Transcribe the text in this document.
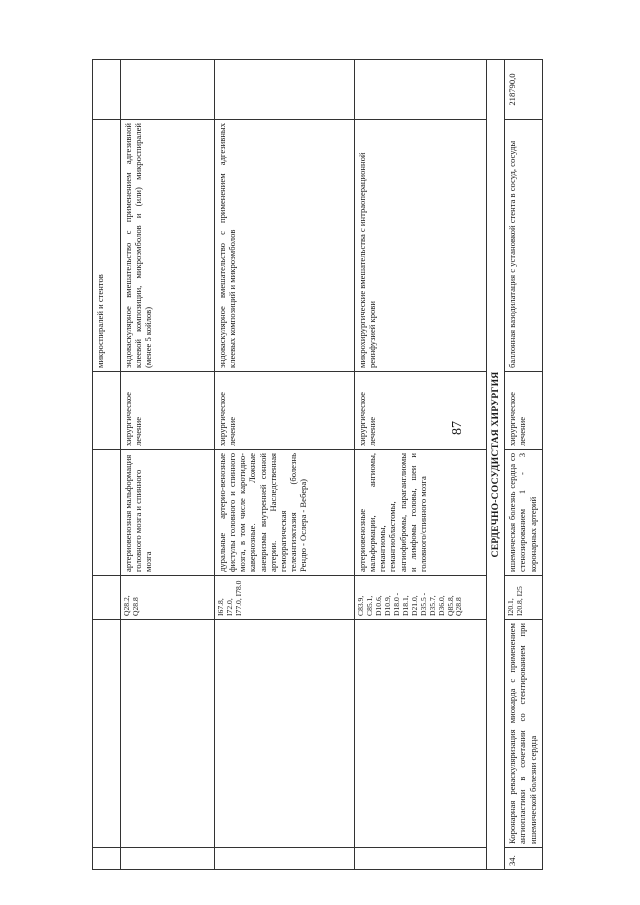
87
					микроспиралей и стентов	
		Q28.2, Q28.8	артериовенозная мальформация головного мозга и спинного мозга	хирургическое лечение	эндоваскулярное вмешательство с применением адгезивной клеевой композиции, микроэмболов и (или) микроспиралей (менее 5 койлов)	
		I67.8, I72.0, I77.0, I78.0	дуральные артерио-венозные фистулы головного и спинного мозга, в том числе каротидно-кавернозные. Ложные аневризмы внутренней сонной артерии. Наследственная геморрагическая телеангиэктазия (болезнь Рендю - Ослера - Вебера)	хирургическое лечение	эндоваскулярное вмешательство с применением адгезивных клеевых композиций и микроэмболов	
		C83.9, C85.1, D10.6, D10.9, D18.0 - D18.1, D21.0, D35.5 - D35.7, D36.0, Q85.8, Q28.8	артериовенозные мальформации, ангиомы, гемангиомы, гемангиобластомы, ангиофибромы, параганглиомы и лимфомы головы, шеи и головного/спинного мозга	хирургическое лечение	микрохирургические вмешательства с интраоперационной реинфузией крови	
СЕРДЕЧНО-СОСУДИСТАЯ ХИРУРГИЯ						
34.	Коронарная реваскуляризация миокарда с применением ангиопластики в сочетании со стентированием при ишемической болезни сердца	I20.1, I20.8, I25	ишемическая болезнь сердца со стенозированием 1 - 3 коронарных артерий	хирургическое лечение	баллонная вазодилатация с установкой стента в сосуд, сосуды	218790,0
